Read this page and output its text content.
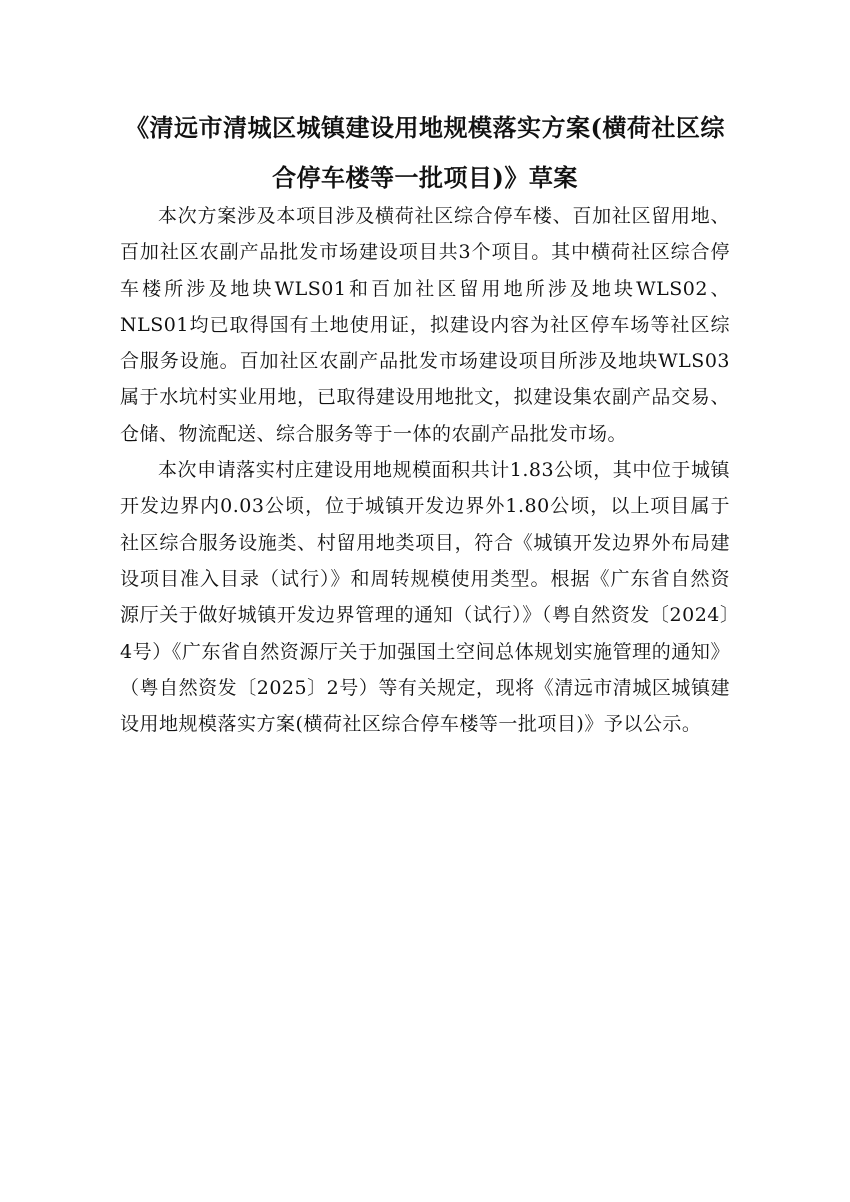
《清远市清城区城镇建设用地规模落实方案(横荷社区综合停车楼等一批项目)》草案

本次方案涉及本项目涉及横荷社区综合停车楼、百加社区留用地、百加社区农副产品批发市场建设项目共3个项目。其中横荷社区综合停车楼所涉及地块WLS01和百加社区留用地所涉及地块WLS02、NLS01均已取得国有土地使用证，拟建设内容为社区停车场等社区综合服务设施。百加社区农副产品批发市场建设项目所涉及地块WLS03属于水坑村实业用地，已取得建设用地批文，拟建设集农副产品交易、仓储、物流配送、综合服务等于一体的农副产品批发市场。

本次申请落实村庄建设用地规模面积共计1.83公顷，其中位于城镇开发边界内0.03公顷，位于城镇开发边界外1.80公顷，以上项目属于社区综合服务设施类、村留用地类项目，符合《城镇开发边界外布局建设项目准入目录（试行）》和周转规模使用类型。根据《广东省自然资源厅关于做好城镇开发边界管理的通知（试行）》（粤自然资发〔2024〕4号）《广东省自然资源厅关于加强国土空间总体规划实施管理的通知》（粤自然资发〔2025〕2号）等有关规定，现将《清远市清城区城镇建设用地规模落实方案(横荷社区综合停车楼等一批项目)》予以公示。
